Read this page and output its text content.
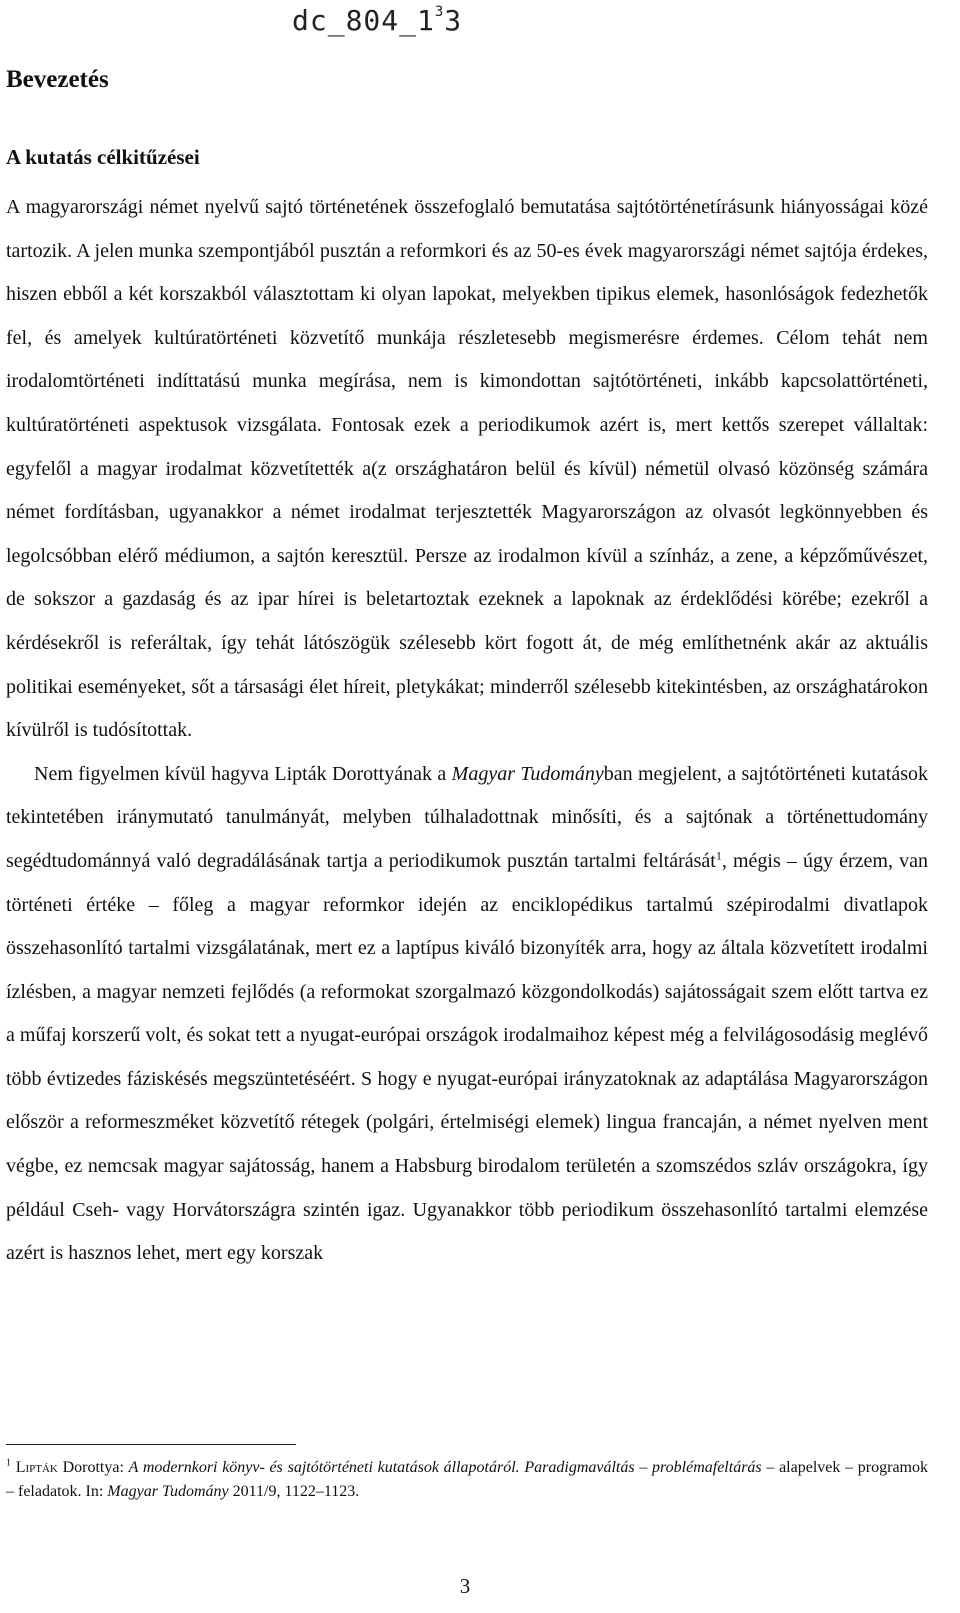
$dc\_804\_1^33$
Bevezetés
A kutatás célkitűzései

A magyarországi német nyelvű sajtó történetének összefoglaló bemutatása sajtótörténetírásunk hiányosságai közé tartozik. A jelen munka szempontjából pusztán a reformkori és az 50-es évek magyarországi német sajtója érdekes, hiszen ebből a két korszakból választottam ki olyan lapokat, melyekben tipikus elemek, hasonlóságok fedezhetők fel, és amelyek kultúratörténeti közvetítő munkája részletesebb megismerésre érdemes. Célom tehát nem irodalomtörténeti indíttatású munka megírása, nem is kimondottan sajtótörténeti, inkább kapcsolattörténeti, kultúratörténeti aspektusok vizsgálata. Fontosak ezek a periodikumok azért is, mert kettős szerepet vállaltak: egyfelől a magyar irodalmat közvetítették a(z országhatáron belül és kívül) németül olvasó közönség számára német fordításban, ugyanakkor a német irodalmat terjesztették Magyarországon az olvasót legkönnyebben és legolcsóbban elérő médiumon, a sajtón keresztül. Persze az irodalmon kívül a színház, a zene, a képzőművészet, de sokszor a gazdaság és az ipar hírei is beletartoztak ezeknek a lapoknak az érdeklődési körébe; ezekről a kérdésekről is referáltak, így tehát látószögük szélesebb kört fogott át, de még említhetnénk akár az aktuális politikai eseményeket, sőt a társasági élet híreit, pletykákat; minderről szélesebb kitekintésben, az országhatárokon kívülről is tudósítottak.

Nem figyelmen kívül hagyva Lipták Dorottyának a Magyar Tudományban megjelent, a sajtótörténeti kutatások tekintetében iránymutató tanulmányát, melyben túlhaladottnak minősíti, és a sajtónak a történettudomány segédtudománnyá való degradálásának tartja a periodikumok pusztán tartalmi feltárását$^1$, mégis – úgy érzem, van történeti értéke – főleg a magyar reformkor idején az enciklopédikus tartalmú szépirodalmi divatlapok összehasonlító tartalmi vizsgálatának, mert ez a laptípus kiváló bizonyíték arra, hogy az általa közvetített irodalmi ízlésben, a magyar nemzeti fejlődés (a reformokat szorgalmazó közgondolkodás) sajátosságait szem előtt tartva ez a műfaj korszerű volt, és sokat tett a nyugat-európai országok irodalmaihoz képest még a felvilágosodásig meglévő több évtizedes fáziskésés megszüntetéséért. S hogy e nyugat-európai irányzatoknak az adaptálása Magyarországon először a reformeszméket közvetítő rétegek (polgári, értelmiségi elemek) lingua francaján, a német nyelven ment végbe, ez nemcsak magyar sajátosság, hanem a Habsburg birodalom területén a szomszédos szláv országokra, így például Cseh- vagy Horvátországra szintén igaz. Ugyanakkor több periodikum összehasonlító tartalmi elemzése azért is hasznos lehet, mert egy korszak

$^1$ Lipták Dorottya: A modernkori könyv- és sajtótörténeti kutatások állapotáról. Paradigmaváltás – problémafeltárás – alapelvek – programok – feladatok. In: Magyar Tudomány 2011/9, 1122–1123.
3
